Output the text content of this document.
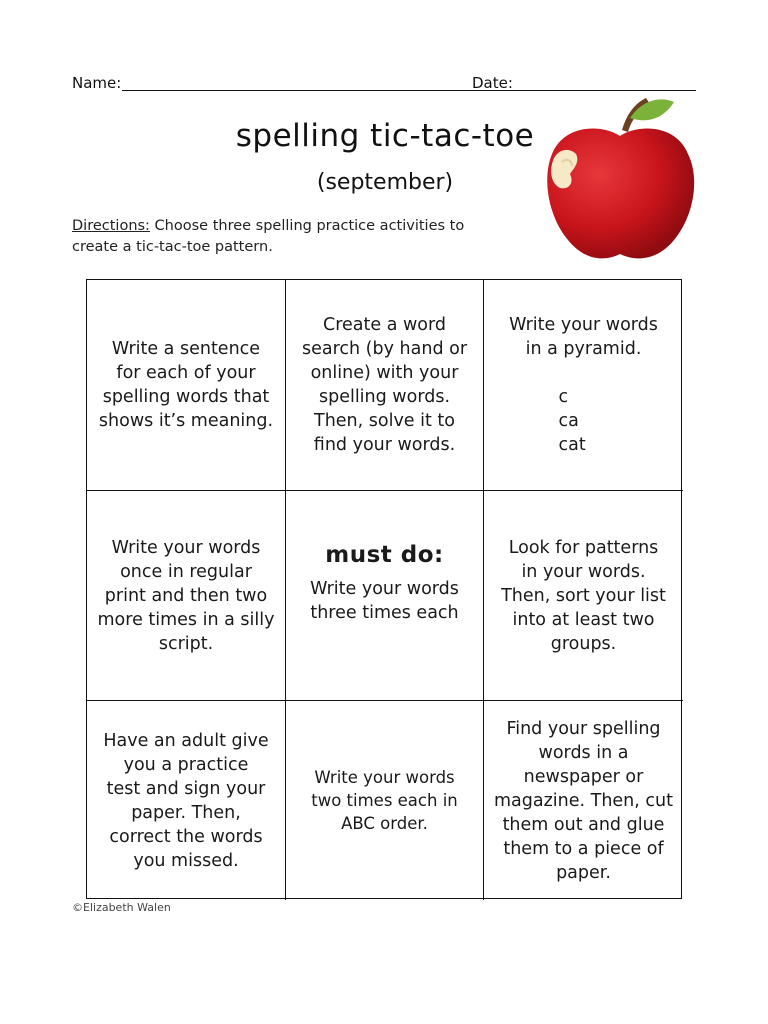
Name:	Date:
spelling tic-tac-toe
(september)
Directions: Choose three spelling practice activities to
create a tic-tac-toe pattern.
Write a sentence
for each of your
spelling words that
shows it’s meaning.
Create a word
search (by hand or
online) with your
spelling words.
Then, solve it to
find your words.
Write your words
in a pyramid.
c
ca
cat
Write your words
once in regular
print and then two
more times in a silly
script.
must do:
Write your words
three times each
Look for patterns
in your words.
Then, sort your list
into at least two
groups.
Have an adult give
you a practice
test and sign your
paper. Then,
correct the words
you missed.
Write your words
two times each in
ABC order.
Find your spelling
words in a
newspaper or
magazine. Then, cut
them out and glue
them to a piece of
paper.
©Elizabeth Walen
